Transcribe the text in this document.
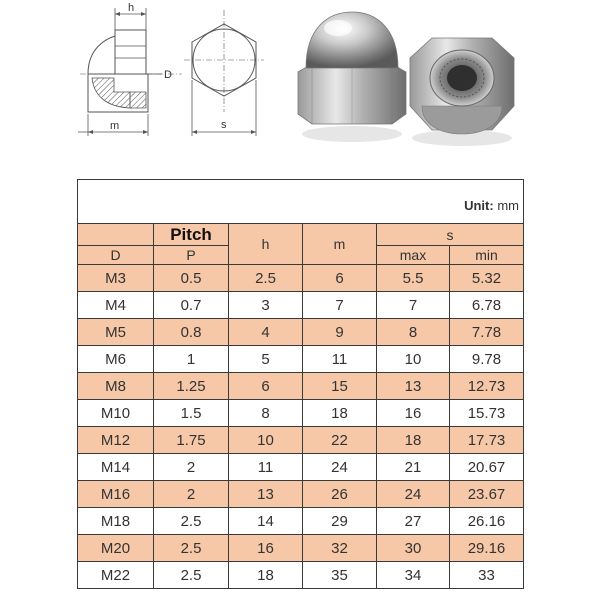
h
D
m	s
Unit: mm					
	Pitch	h	m	s	
D	P			max	min
M3	0.5	2.5	6	5.5	5.32
M4	0.7	3	7	7	6.78
M5	0.8	4	9	8	7.78
M6	1	5	11	10	9.78
M8	1.25	6	15	13	12.73
M10	1.5	8	18	16	15.73
M12	1.75	10	22	18	17.73
M14	2	11	24	21	20.67
M16	2	13	26	24	23.67
M18	2.5	14	29	27	26.16
M20	2.5	16	32	30	29.16
M22	2.5	18	35	34	33
